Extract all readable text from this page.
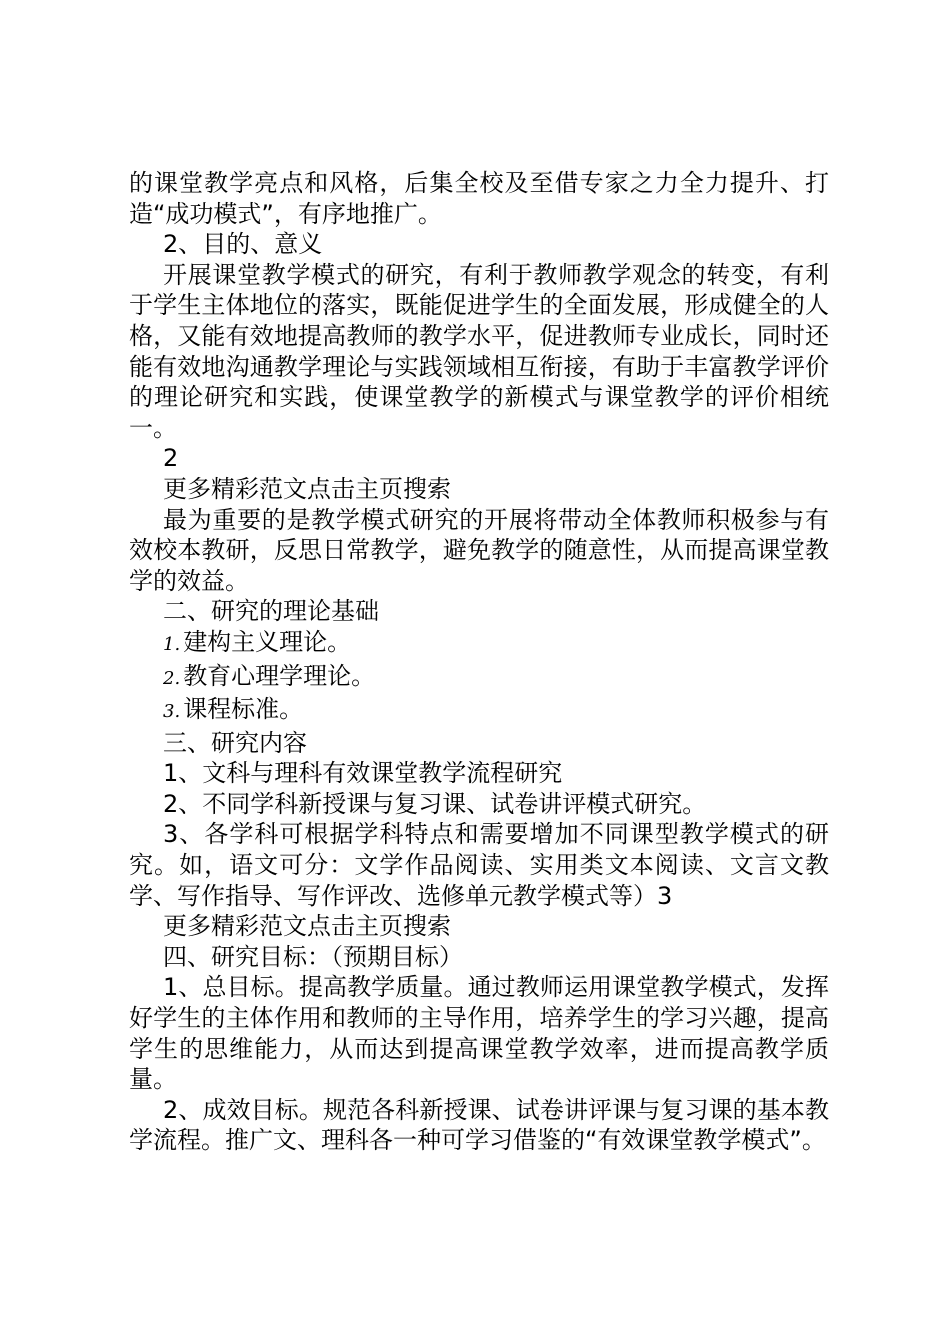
的课堂教学亮点和风格，后集全校及至借专家之力全力提升、打造“成功模式”，有序地推广。

2、目的、意义

开展课堂教学模式的研究，有利于教师教学观念的转变，有利于学生主体地位的落实，既能促进学生的全面发展，形成健全的人格，又能有效地提高教师的教学水平，促进教师专业成长，同时还能有效地沟通教学理论与实践领域相互衔接，有助于丰富教学评价的理论研究和实践，使课堂教学的新模式与课堂教学的评价相统一。

2

更多精彩范文点击主页搜索

最为重要的是教学模式研究的开展将带动全体教师积极参与有效校本教研，反思日常教学，避免教学的随意性，从而提高课堂教学的效益。

二、研究的理论基础

1. 建构主义理论。

2. 教育心理学理论。

3. 课程标准。

三、研究内容

1、文科与理科有效课堂教学流程研究

2、不同学科新授课与复习课、试卷讲评模式研究。

3、各学科可根据学科特点和需要增加不同课型教学模式的研究。如，语文可分：文学作品阅读、实用类文本阅读、文言文教学、写作指导、写作评改、选修单元教学模式等）3

更多精彩范文点击主页搜索

四、研究目标：（预期目标）

1、总目标。提高教学质量。通过教师运用课堂教学模式，发挥好学生的主体作用和教师的主导作用，培养学生的学习兴趣，提高学生的思维能力，从而达到提高课堂教学效率，进而提高教学质量。

2、成效目标。规范各科新授课、试卷讲评课与复习课的基本教学流程。推广文、理科各一种可学习借鉴的“有效课堂教学模式”。
